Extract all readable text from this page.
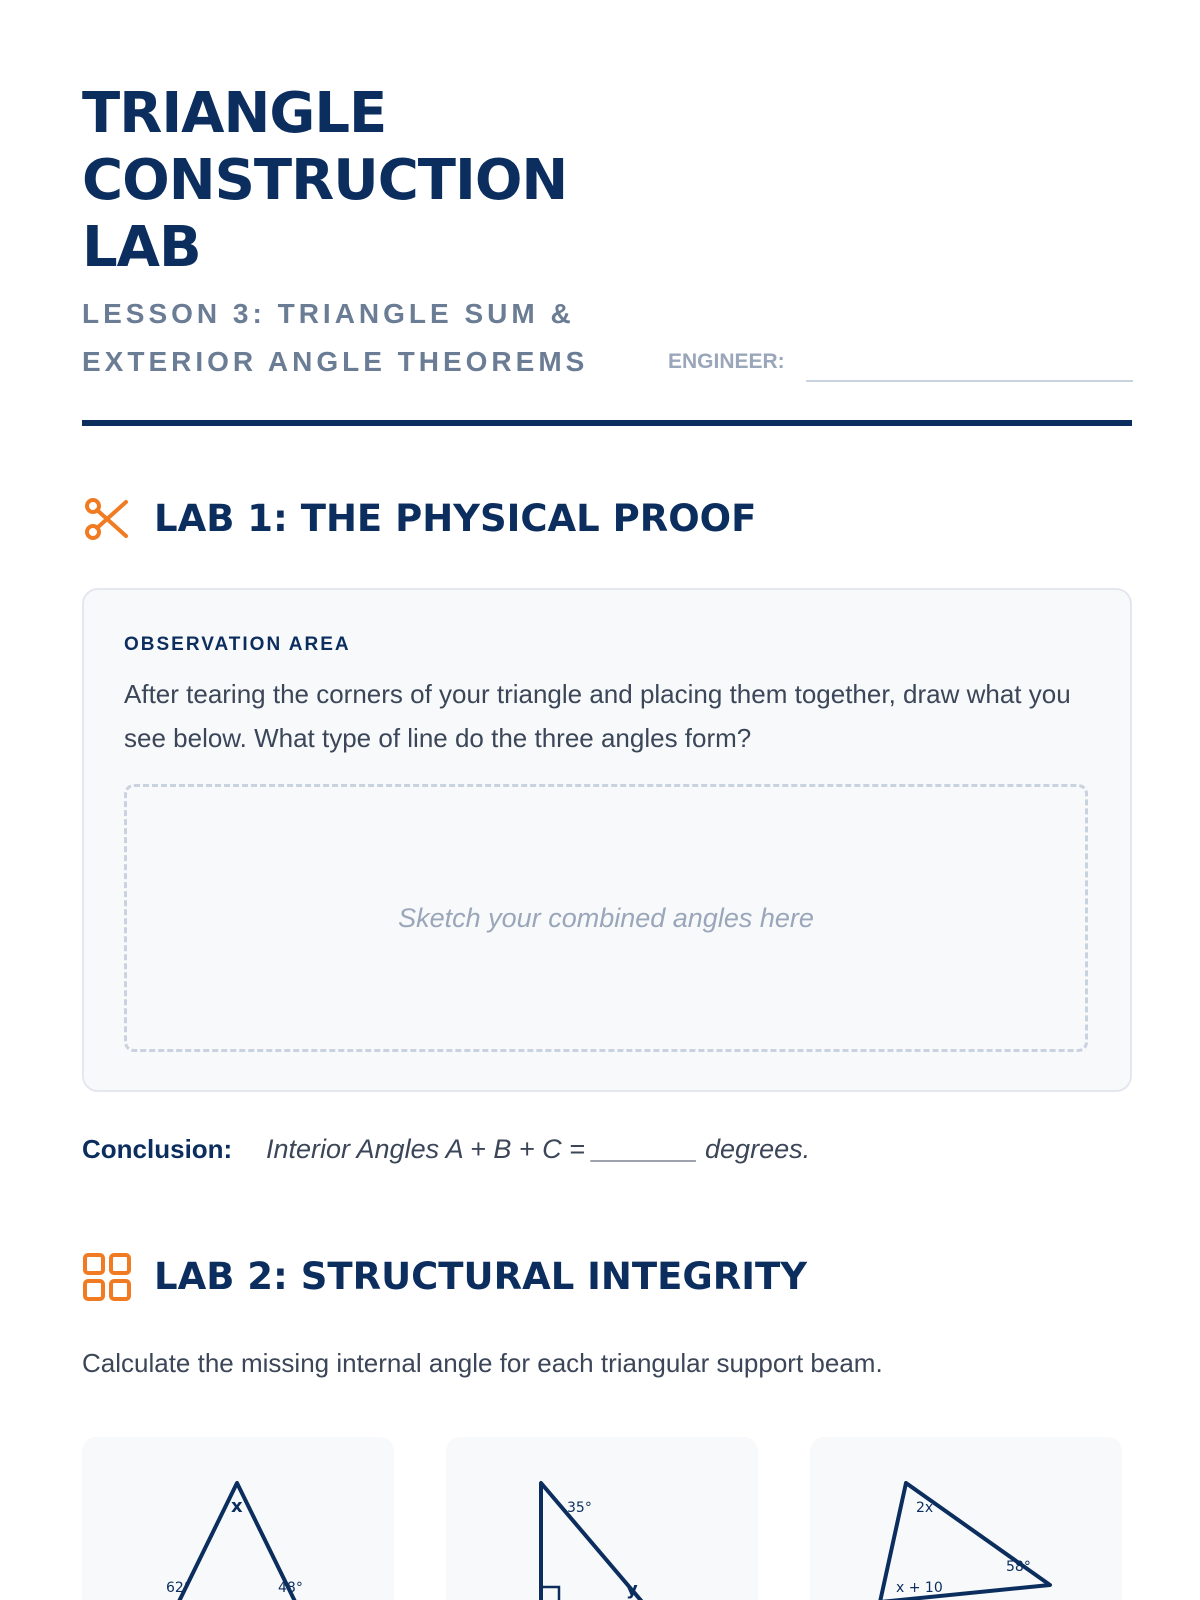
TRIANGLE CONSTRUCTION LAB
LESSON 3: TRIANGLE SUM & EXTERIOR ANGLE THEOREMS	ENGINEER:
LAB 1: THE PHYSICAL PROOF
OBSERVATION AREA
After tearing the corners of your triangle and placing them together, draw what you see below. What type of line do the three angles form?
Sketch your combined angles here
Conclusion: Interior Angles A + B + C = _______ degrees.
LAB 2: STRUCTURAL INTEGRITY
Calculate the missing internal angle for each triangular support beam.
x
62°	48°
35°
y
2x
58°
x + 10
